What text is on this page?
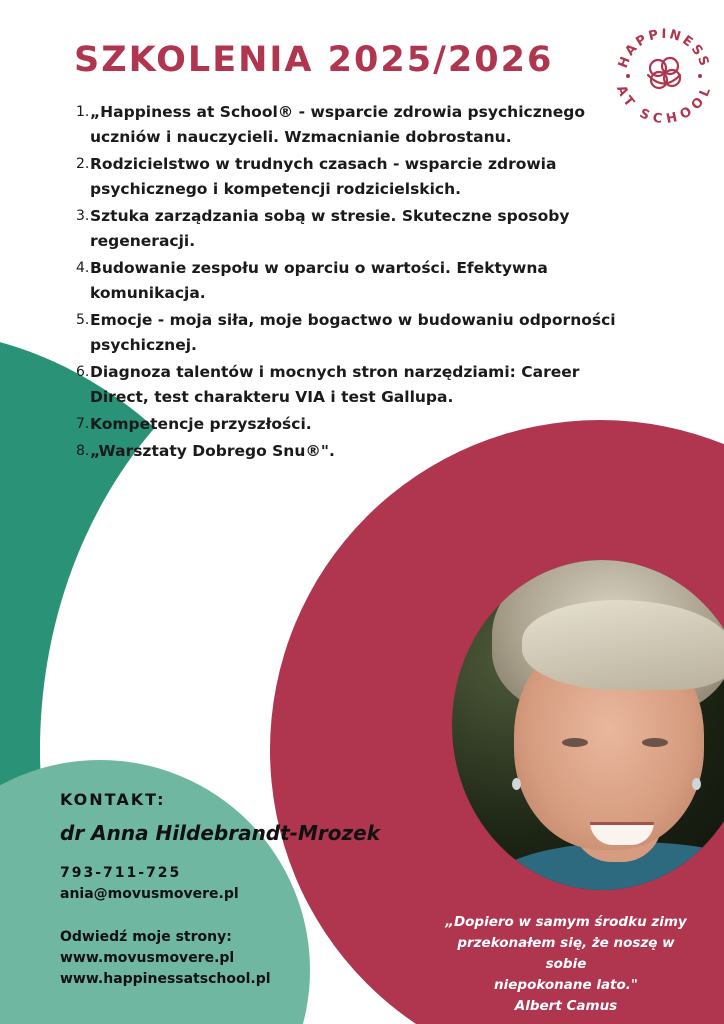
SZKOLENIA 2025/2026	HAPPINESS
AT SCHOOL
1. „Happiness at School® - wsparcie zdrowia psychicznego
uczniów i nauczycieli. Wzmacnianie dobrostanu.
2. Rodzicielstwo w trudnych czasach - wsparcie zdrowia
psychicznego i kompetencji rodzicielskich.
3. Sztuka zarządzania sobą w stresie. Skuteczne sposoby
regeneracji.
4. Budowanie zespołu w oparciu o wartości. Efektywna
komunikacja.
5. Emocje - moja siła, moje bogactwo w budowaniu odporności
psychicznej.
6. Diagnoza talentów i mocnych stron narzędziami: Career
Direct, test charakteru VIA i test Gallupa.
7. Kompetencje przyszłości.
8. „Warsztaty Dobrego Snu®".
KONTAKT:
dr Anna Hildebrandt-Mrozek
793-711-725
ania@movusmovere.pl
Odwiedź moje strony:
www.movusmovere.pl
www.happinessatschool.pl
„Dopiero w samym środku zimy
przekonałem się, że noszę w sobie
niepokonane lato."

Albert Camus
